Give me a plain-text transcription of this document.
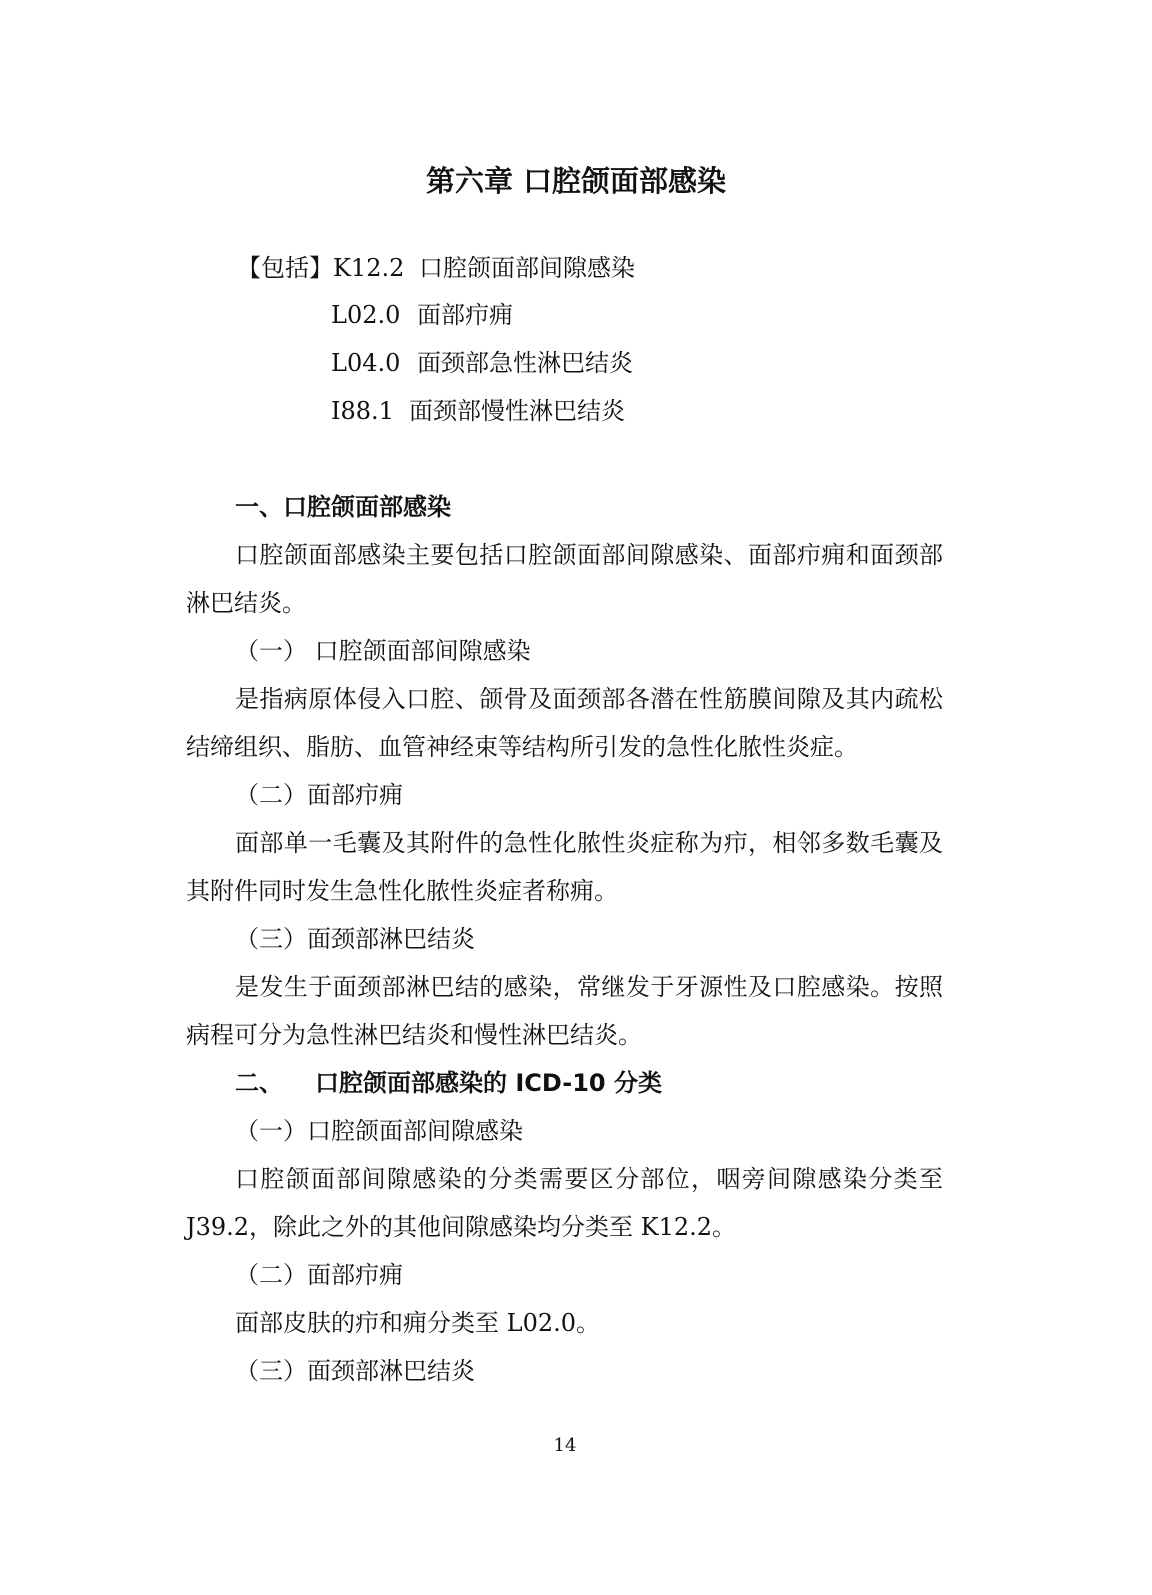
第六章 口腔颌面部感染
【包括】K12.2 口腔颌面部间隙感染
L02.0 面部疖痈
L04.0 面颈部急性淋巴结炎
I88.1 面颈部慢性淋巴结炎
一、口腔颌面部感染
口腔颌面部感染主要包括口腔颌面部间隙感染、面部疖痈和面颈部
淋巴结炎。
（一） 口腔颌面部间隙感染
是指病原体侵入口腔、颌骨及面颈部各潜在性筋膜间隙及其内疏松
结缔组织、脂肪、血管神经束等结构所引发的急性化脓性炎症。
（二）面部疖痈
面部单一毛囊及其附件的急性化脓性炎症称为疖，相邻多数毛囊及
其附件同时发生急性化脓性炎症者称痈。
（三）面颈部淋巴结炎
是发生于面颈部淋巴结的感染，常继发于牙源性及口腔感染。按照
病程可分为急性淋巴结炎和慢性淋巴结炎。
二、 口腔颌面部感染的 ICD-10 分类
（一）口腔颌面部间隙感染
口腔颌面部间隙感染的分类需要区分部位，咽旁间隙感染分类至
J39.2，除此之外的其他间隙感染均分类至 K12.2。
（二）面部疖痈
面部皮肤的疖和痈分类至 L02.0。
（三）面颈部淋巴结炎
14
